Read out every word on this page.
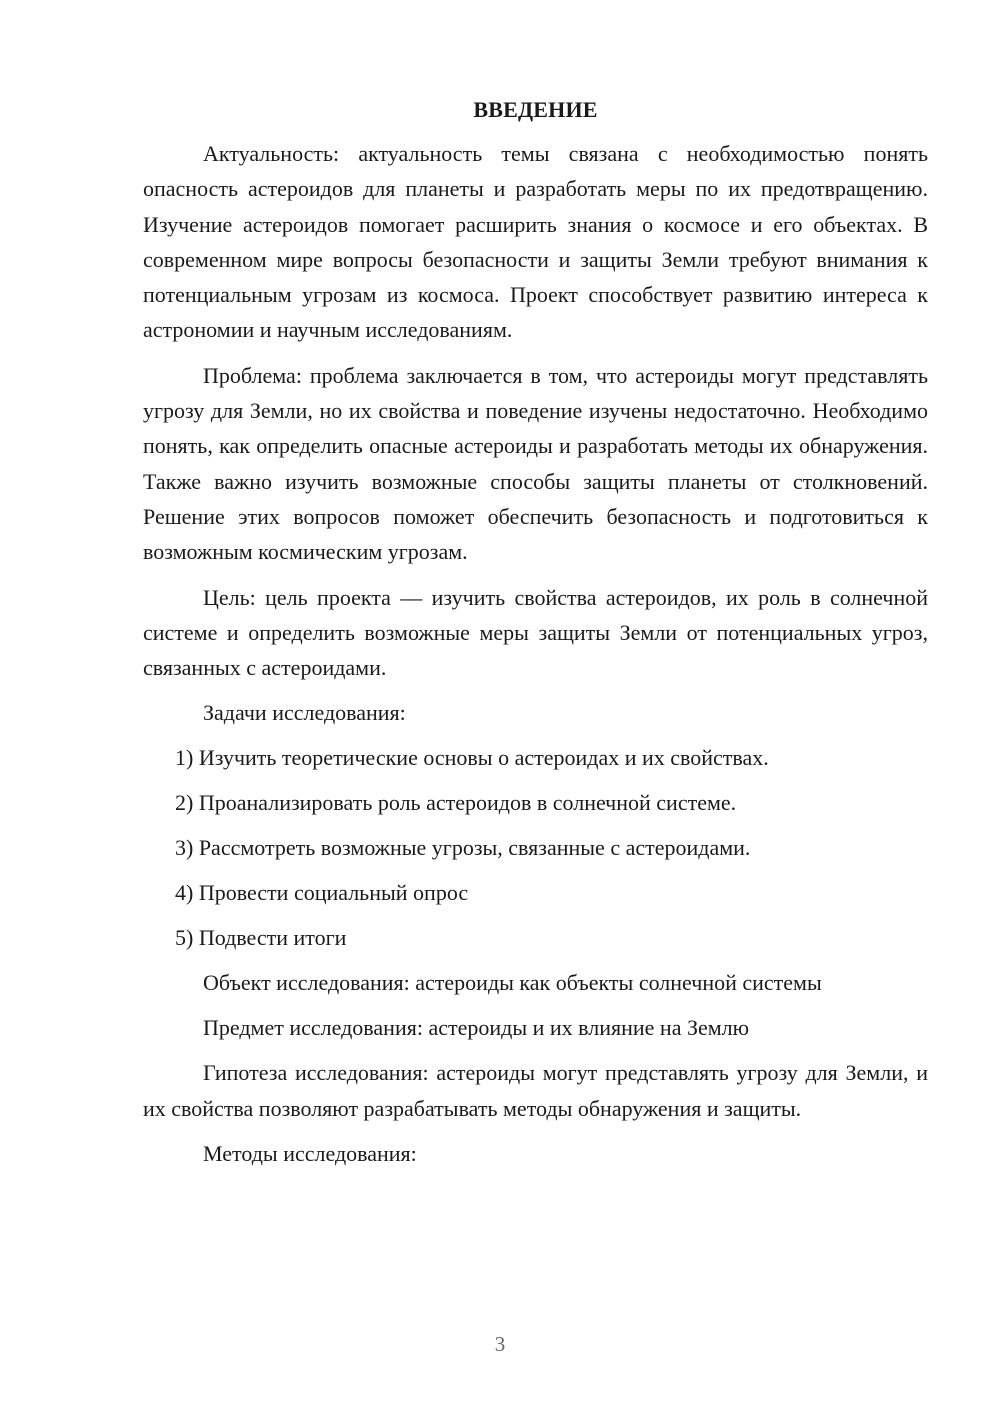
ВВЕДЕНИЕ

Актуальность: актуальность темы связана с необходимостью понять опасность астероидов для планеты и разработать меры по их предотвращению. Изучение астероидов помогает расширить знания о космосе и его объектах. В современном мире вопросы безопасности и защиты Земли требуют внимания к потенциальным угрозам из космоса. Проект способствует развитию интереса к астрономии и научным исследованиям.

Проблема: проблема заключается в том, что астероиды могут представлять угрозу для Земли, но их свойства и поведение изучены недостаточно. Необходимо понять, как определить опасные астероиды и разработать методы их обнаружения. Также важно изучить возможные способы защиты планеты от столкновений. Решение этих вопросов поможет обеспечить безопасность и подготовиться к возможным космическим угрозам.

Цель: цель проекта — изучить свойства астероидов, их роль в солнечной системе и определить возможные меры защиты Земли от потенциальных угроз, связанных с астероидами.

Задачи исследования:
1) Изучить теоретические основы о астероидах и их свойствах.
2) Проанализировать роль астероидов в солнечной системе.
3) Рассмотреть возможные угрозы, связанные с астероидами.
4) Провести социальный опрос
5) Подвести итоги
Объект исследования: астероиды как объекты солнечной системы
Предмет исследования: астероиды и их влияние на Землю

Гипотеза исследования: астероиды могут представлять угрозу для Земли, и их свойства позволяют разрабатывать методы обнаружения и защиты.

Методы исследования:
3
